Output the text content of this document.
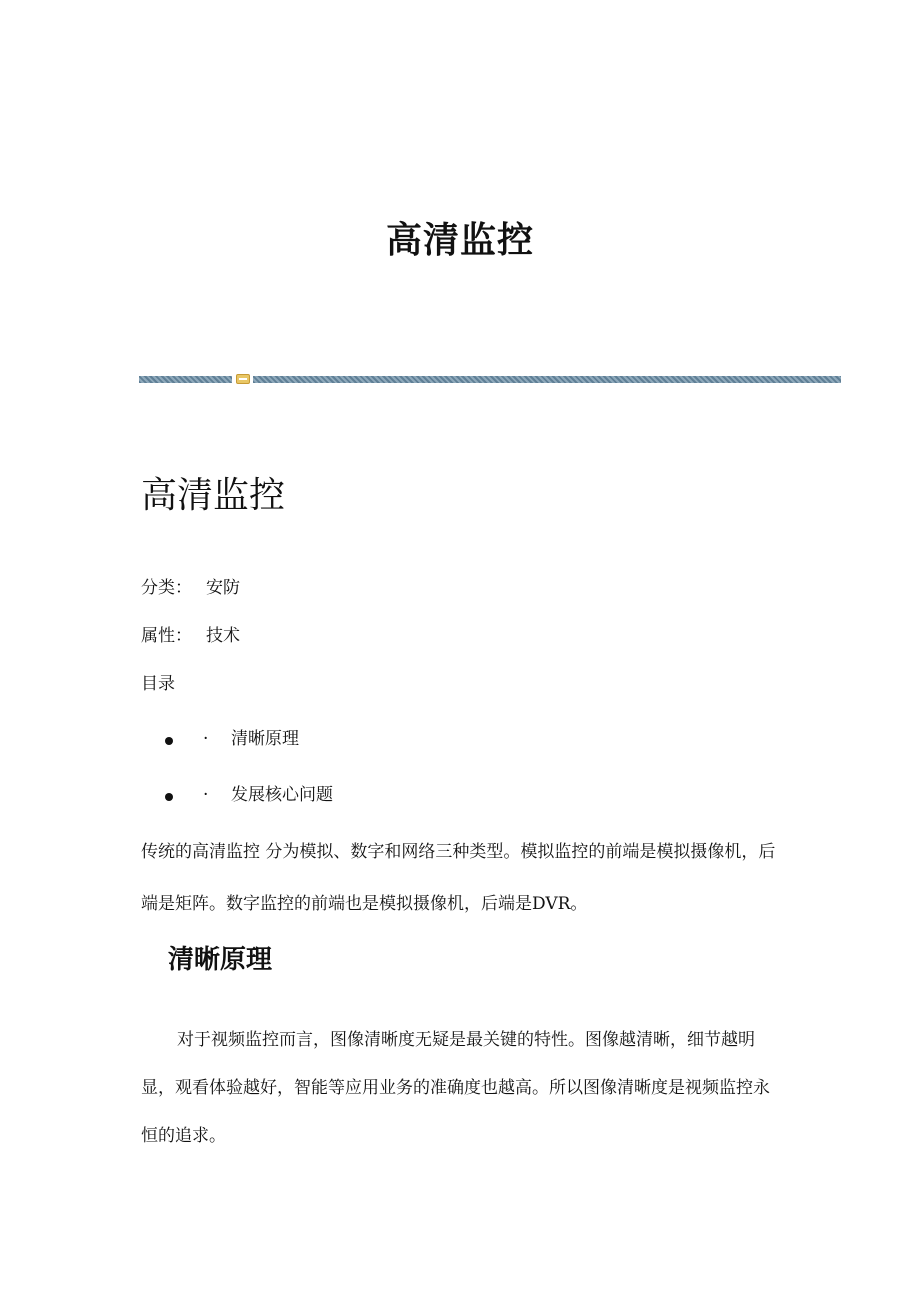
高清监控
高清监控

分类： 安防

属性： 技术

目录

·	清晰原理
·	发展核心问题

传统的高清监控 分为模拟、数字和网络三种类型。模拟监控的前端是模拟摄像机，后端是矩阵。数字监控的前端也是模拟摄像机，后端是DVR。

清晰原理

对于视频监控而言，图像清晰度无疑是最关键的特性。图像越清晰，细节越明显，观看体验越好，智能等应用业务的准确度也越高。所以图像清晰度是视频监控永恒的追求。
